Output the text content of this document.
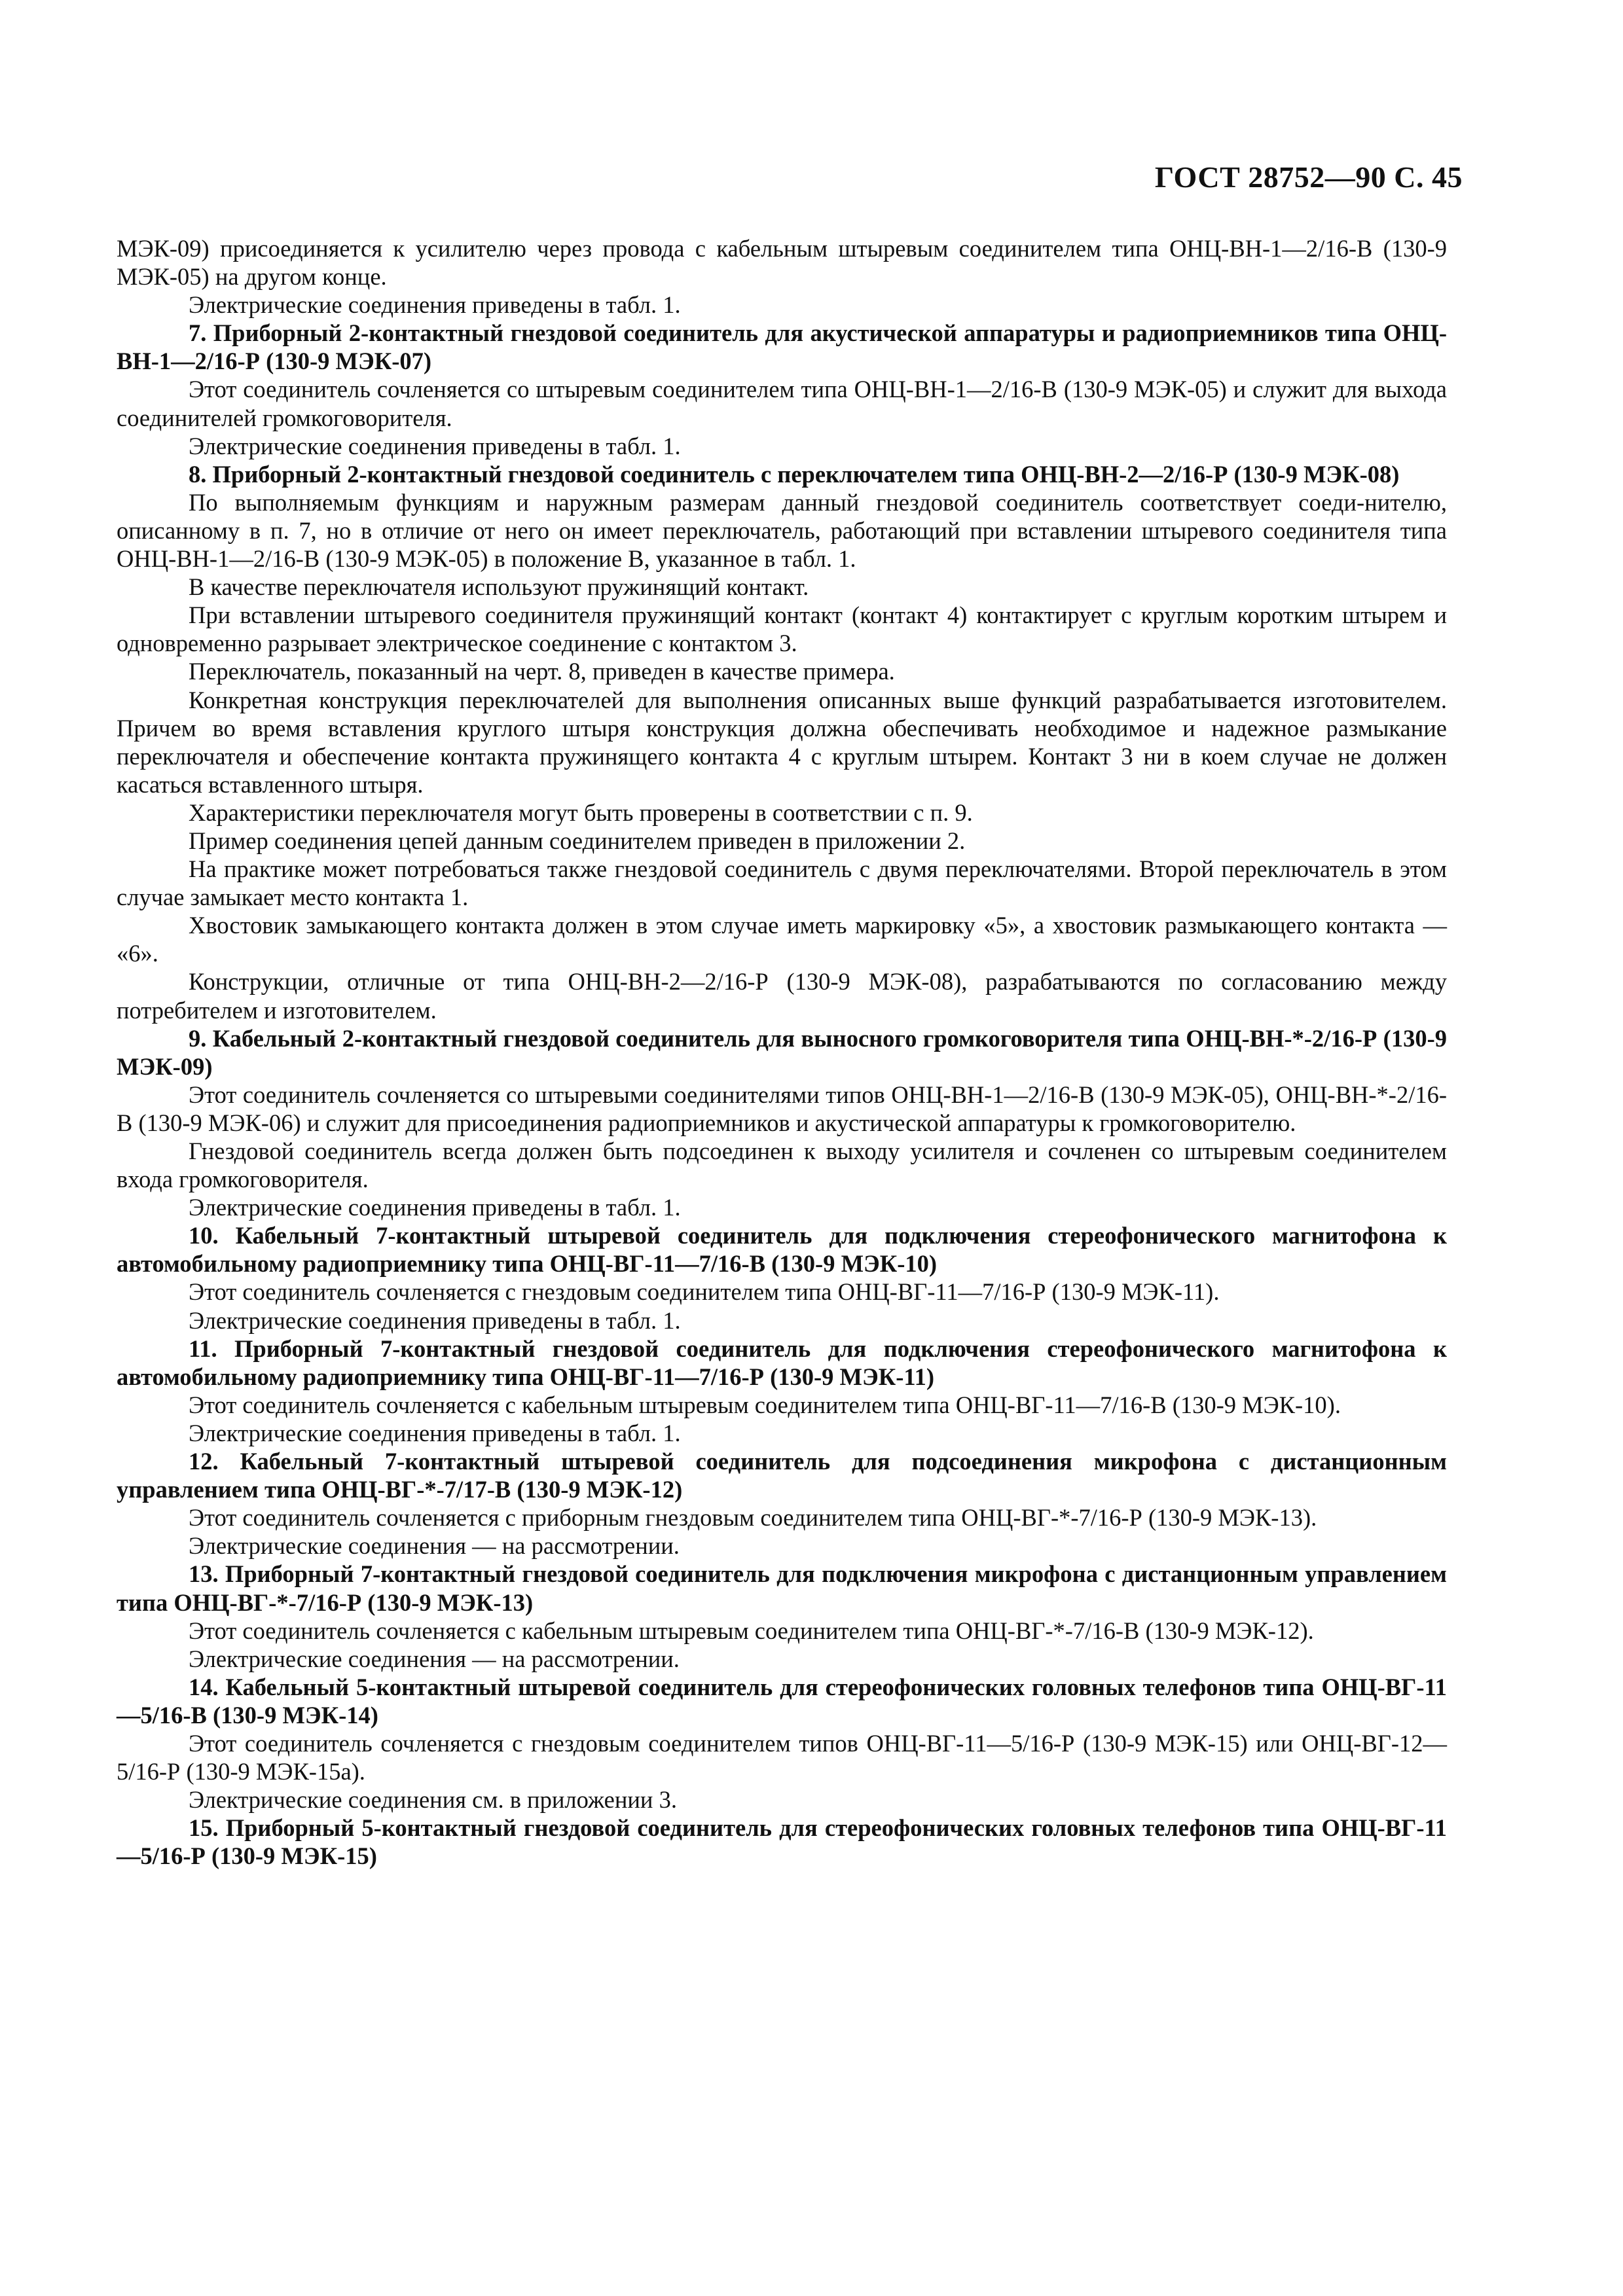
ГОСТ 28752—90 С. 45

МЭК-09) присоединяется к усилителю через провода с кабельным штыревым соединителем типа ОНЦ-ВН-1—2/16-В (130-9 МЭК-05) на другом конце.

Электрические соединения приведены в табл. 1.

7. Приборный 2-контактный гнездовой соединитель для акустической аппаратуры и радиоприемников типа ОНЦ-ВН-1—2/16-Р (130-9 МЭК-07)

Этот соединитель сочленяется со штыревым соединителем типа ОНЦ-ВН-1—2/16-В (130-9 МЭК-05) и служит для выхода соединителей громкоговорителя.

Электрические соединения приведены в табл. 1.

8. Приборный 2-контактный гнездовой соединитель с переключателем типа ОНЦ-ВН-2—2/16-Р (130-9 МЭК-08)

По выполняемым функциям и наружным размерам данный гнездовой соединитель соответствует соеди-нителю, описанному в п. 7, но в отличие от него он имеет переключатель, работающий при вставлении штыревого соединителя типа ОНЦ-ВН-1—2/16-В (130-9 МЭК-05) в положение В, указанное в табл. 1.

В качестве переключателя используют пружинящий контакт.

При вставлении штыревого соединителя пружинящий контакт (контакт 4) контактирует с круглым коротким штырем и одновременно разрывает электрическое соединение с контактом 3.

Переключатель, показанный на черт. 8, приведен в качестве примера.

Конкретная конструкция переключателей для выполнения описанных выше функций разрабатывается изготовителем. Причем во время вставления круглого штыря конструкция должна обеспечивать необходимое и надежное размыкание переключателя и обеспечение контакта пружинящего контакта 4 с круглым штырем. Контакт 3 ни в коем случае не должен касаться вставленного штыря.

Характеристики переключателя могут быть проверены в соответствии с п. 9.

Пример соединения цепей данным соединителем приведен в приложении 2.

На практике может потребоваться также гнездовой соединитель с двумя переключателями. Второй переключатель в этом случае замыкает место контакта 1.

Хвостовик замыкающего контакта должен в этом случае иметь маркировку «5», а хвостовик размыкающего контакта — «6».

Конструкции, отличные от типа ОНЦ-ВН-2—2/16-Р (130-9 МЭК-08), разрабатываются по согласованию между потребителем и изготовителем.

9. Кабельный 2-контактный гнездовой соединитель для выносного громкоговорителя типа ОНЦ-ВН-*-2/16-Р (130-9 МЭК-09)

Этот соединитель сочленяется со штыревыми соединителями типов ОНЦ-ВН-1—2/16-В (130-9 МЭК-05), ОНЦ-ВН-*-2/16-В (130-9 МЭК-06) и служит для присоединения радиоприемников и акустической аппаратуры к громкоговорителю.

Гнездовой соединитель всегда должен быть подсоединен к выходу усилителя и сочленен со штыревым соединителем входа громкоговорителя.

Электрические соединения приведены в табл. 1.

10. Кабельный 7-контактный штыревой соединитель для подключения стереофонического магнитофона к автомобильному радиоприемнику типа ОНЦ-ВГ-11—7/16-В (130-9 МЭК-10)

Этот соединитель сочленяется с гнездовым соединителем типа ОНЦ-ВГ-11—7/16-Р (130-9 МЭК-11).

Электрические соединения приведены в табл. 1.

11. Приборный 7-контактный гнездовой соединитель для подключения стереофонического магнитофона к автомобильному радиоприемнику типа ОНЦ-ВГ-11—7/16-Р (130-9 МЭК-11)

Этот соединитель сочленяется с кабельным штыревым соединителем типа ОНЦ-ВГ-11—7/16-В (130-9 МЭК-10).

Электрические соединения приведены в табл. 1.

12. Кабельный 7-контактный штыревой соединитель для подсоединения микрофона с дистанционным управлением типа ОНЦ-ВГ-*-7/17-В (130-9 МЭК-12)

Этот соединитель сочленяется с приборным гнездовым соединителем типа ОНЦ-ВГ-*-7/16-Р (130-9 МЭК-13).

Электрические соединения — на рассмотрении.

13. Приборный 7-контактный гнездовой соединитель для подключения микрофона с дистанционным управлением типа ОНЦ-ВГ-*-7/16-Р (130-9 МЭК-13)

Этот соединитель сочленяется с кабельным штыревым соединителем типа ОНЦ-ВГ-*-7/16-В (130-9 МЭК-12).

Электрические соединения — на рассмотрении.

14. Кабельный 5-контактный штыревой соединитель для стереофонических головных телефонов типа ОНЦ-ВГ-11—5/16-В (130-9 МЭК-14)

Этот соединитель сочленяется с гнездовым соединителем типов ОНЦ-ВГ-11—5/16-Р (130-9 МЭК-15) или ОНЦ-ВГ-12—5/16-Р (130-9 МЭК-15а).

Электрические соединения см. в приложении 3.

15. Приборный 5-контактный гнездовой соединитель для стереофонических головных телефонов типа ОНЦ-ВГ-11—5/16-Р (130-9 МЭК-15)
